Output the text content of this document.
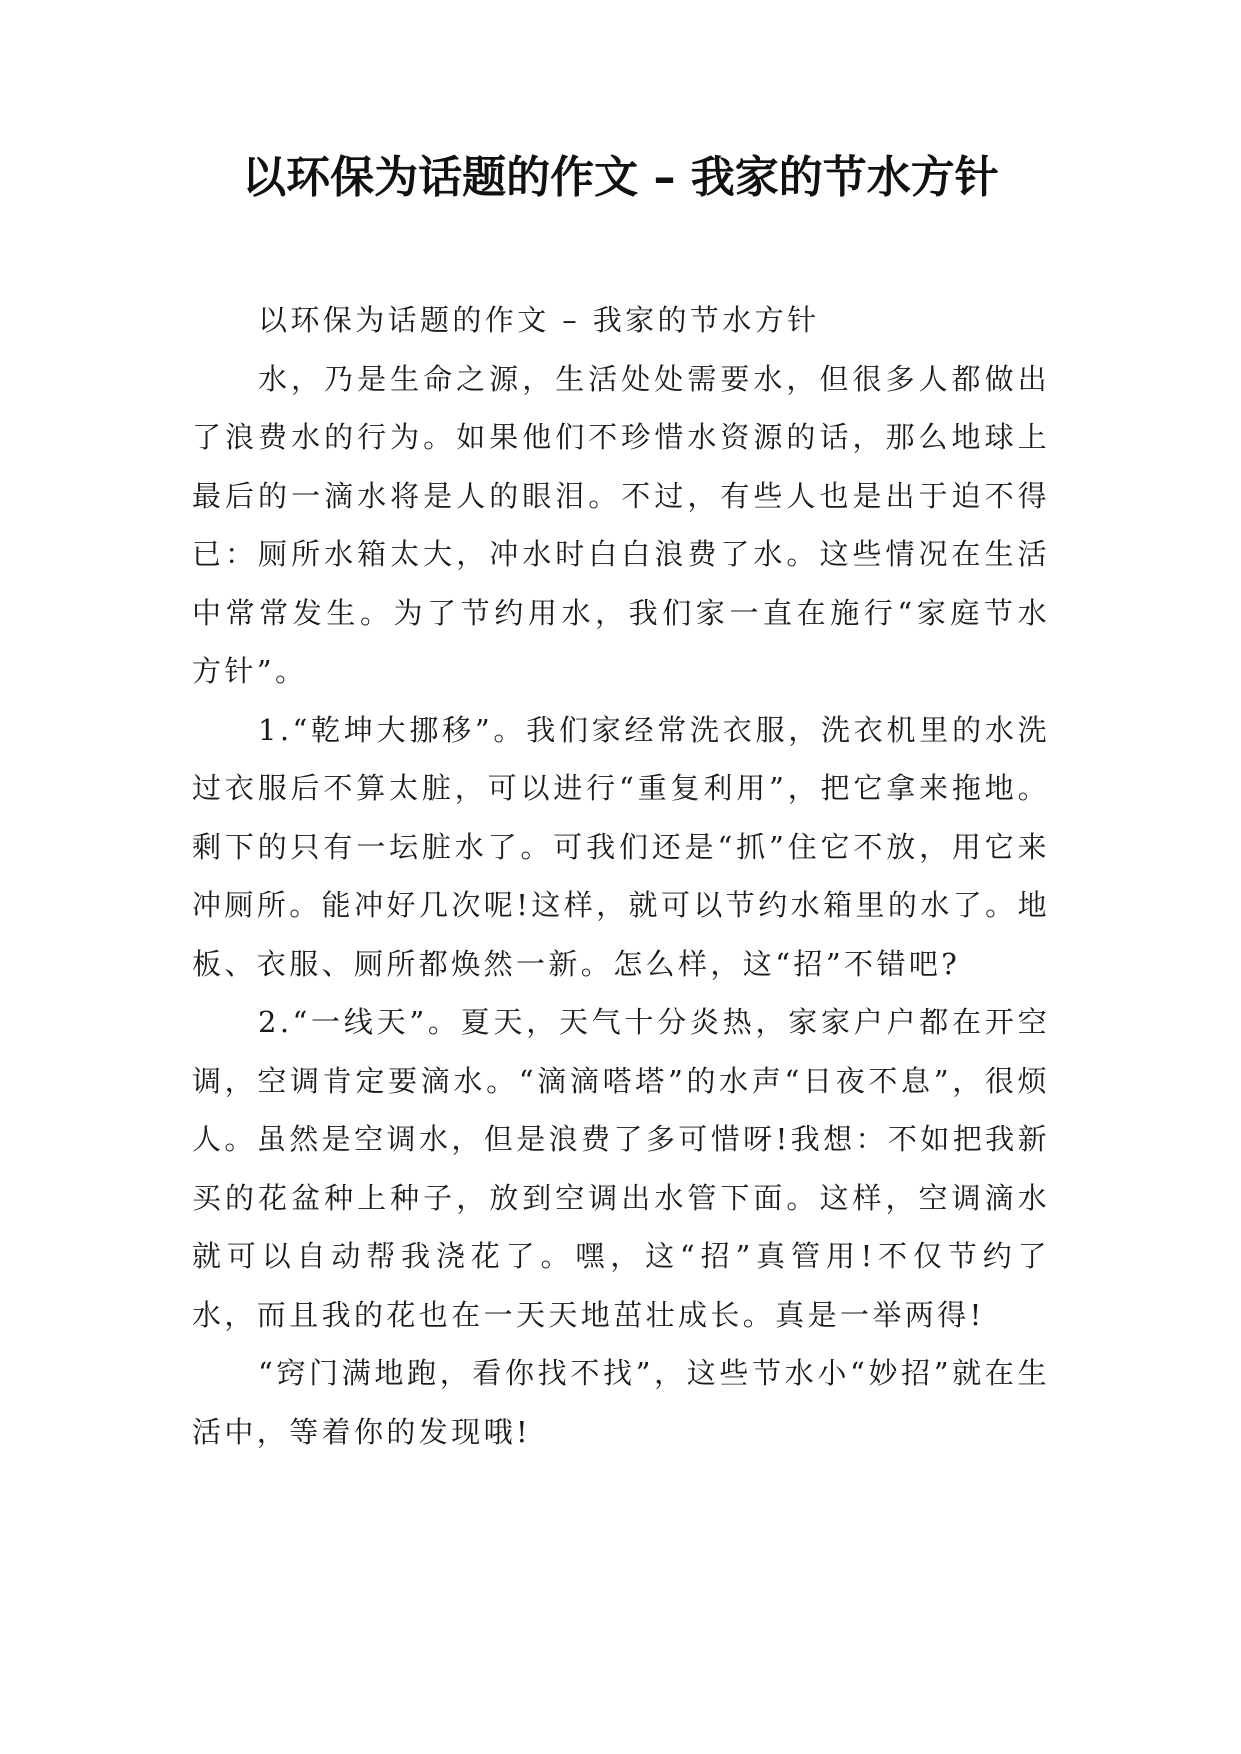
以环保为话题的作文 – 我家的节水方针

以环保为话题的作文 – 我家的节水方针

水，乃是生命之源，生活处处需要水，但很多人都做出了浪费水的行为。如果他们不珍惜水资源的话，那么地球上最后的一滴水将是人的眼泪。不过，有些人也是出于迫不得已：厕所水箱太大，冲水时白白浪费了水。这些情况在生活中常常发生。为了节约用水，我们家一直在施行“家庭节水方针”。

1.“乾坤大挪移”。我们家经常洗衣服，洗衣机里的水洗过衣服后不算太脏，可以进行“重复利用”，把它拿来拖地。剩下的只有一坛脏水了。可我们还是“抓”住它不放，用它来冲厕所。能冲好几次呢!这样，就可以节约水箱里的水了。地板、衣服、厕所都焕然一新。怎么样，这“招”不错吧?

2.“一线天”。夏天，天气十分炎热，家家户户都在开空调，空调肯定要滴水。“滴滴嗒塔”的水声“日夜不息”，很烦人。虽然是空调水，但是浪费了多可惜呀!我想：不如把我新买的花盆种上种子，放到空调出水管下面。这样，空调滴水就可以自动帮我浇花了。嘿，这“招”真管用!不仅节约了水，而且我的花也在一天天地茁壮成长。真是一举两得!

“窍门满地跑，看你找不找”，这些节水小“妙招”就在生活中，等着你的发现哦!
